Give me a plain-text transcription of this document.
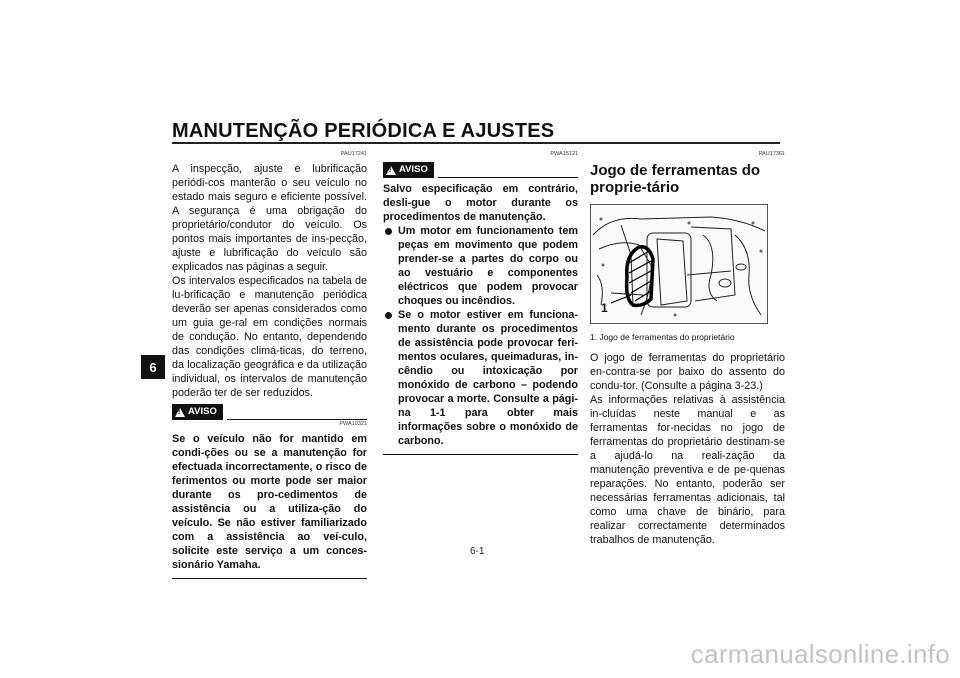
MANUTENÇÃO PERIÓDICA E AJUSTES
6
PAU17241

A inspecção, ajuste e lubrificação periódi-cos manterão o seu veículo no estado mais seguro e eficiente possível. A segurança é uma obrigação do proprietário/condutor do veículo. Os pontos mais importantes de ins-pecção, ajuste e lubrificação do veículo são explicados nas páginas a seguir.

Os intervalos especificados na tabela de lu-brificação e manutenção periódica deverão ser apenas considerados como um guia ge-ral em condições normais de condução. No entanto, dependendo das condições climá-ticas, do terreno, da localização geográfica e da utilização individual, os intervalos de manutenção poderão ter de ser reduzidos.

! AVISO
PWA10321

Se o veículo não for mantido em condi-ções ou se a manutenção for efectuada incorrectamente, o risco de ferimentos ou morte pode ser maior durante os pro-cedimentos de assistência ou a utiliza-ção do veículo. Se não estiver familiarizado com a assistência ao veí-culo, solicite este serviço a um conces-sionário Yamaha.

PWA15121
! AVISO

Salvo especificação em contrário, desli-gue o motor durante os procedimentos de manutenção.

Um motor em funcionamento tem peças em movimento que podem prender-se a partes do corpo ou ao vestuário e componentes eléctricos que podem provocar choques ou incêndios.
Se o motor estiver em funciona-mento durante os procedimentos de assistência pode provocar feri-mentos oculares, queimaduras, in-cêndio ou intoxicação por monóxido de carbono – podendo provocar a morte. Consulte a pági-na 1-1 para obter mais informações sobre o monóxido de carbono.
PAU17361
Jogo de ferramentas do proprie-tário
1
1. Jogo de ferramentas do proprietário

O jogo de ferramentas do proprietário en-contra-se por baixo do assento do condu-tor. (Consulte a página 3-23.)

As informações relativas à assistência in-cluídas neste manual e as ferramentas for-necidas no jogo de ferramentas do proprietário destinam-se a ajudá-lo na reali-zação da manutenção preventiva e de pe-quenas reparações. No entanto, poderão ser necessárias ferramentas adicionais, tal como uma chave de binário, para realizar correctamente determinados trabalhos de manutenção.

6-1
carmanualsonline.info
